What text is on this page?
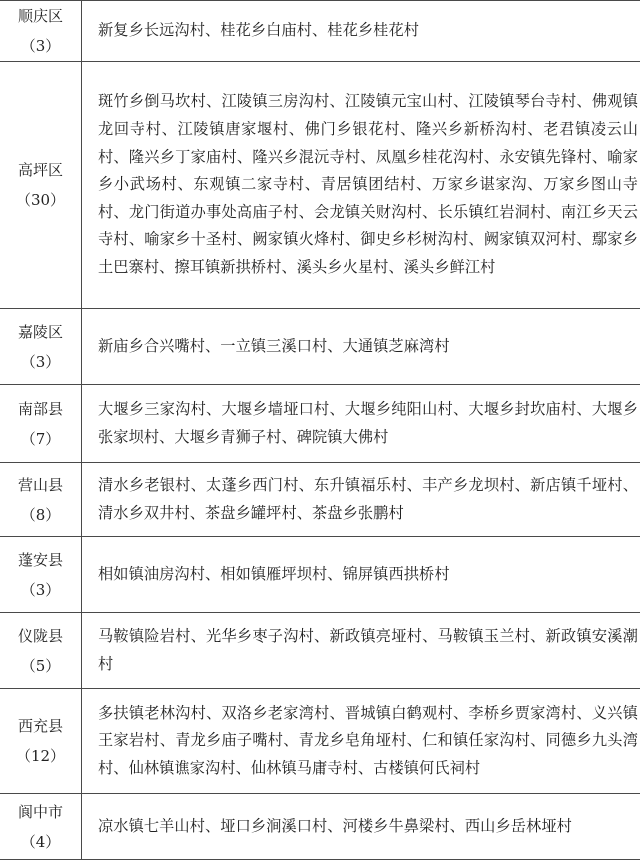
顺庆区
（3）	新复乡长远沟村、桂花乡白庙村、桂花乡桂花村

高坪区
（30）	斑竹乡倒马坎村、江陵镇三房沟村、江陵镇元宝山村、江陵镇琴台寺村、佛观镇龙回寺村、江陵镇唐家堰村、佛门乡银花村、隆兴乡新桥沟村、老君镇凌云山村、隆兴乡丁家庙村、隆兴乡混沅寺村、凤凰乡桂花沟村、永安镇先锋村、喻家乡小武场村、东观镇二家寺村、青居镇团结村、万家乡谌家沟、万家乡图山寺村、龙门街道办事处高庙子村、会龙镇关财沟村、长乐镇红岩洞村、南江乡天云寺村、喻家乡十圣村、阙家镇火烽村、御史乡杉树沟村、阙家镇双河村、鄢家乡土巴寨村、擦耳镇新拱桥村、溪头乡火星村、溪头乡鲜江村

嘉陵区
（3）	新庙乡合兴嘴村、一立镇三溪口村、大通镇芝麻湾村

南部县
（7）	大堰乡三家沟村、大堰乡墙垭口村、大堰乡纯阳山村、大堰乡封坎庙村、大堰乡张家坝村、大堰乡青狮子村、碑院镇大佛村

营山县
（8）	清水乡老银村、太蓬乡西门村、东升镇福乐村、丰产乡龙坝村、新店镇千垭村、清水乡双井村、茶盘乡罐坪村、茶盘乡张鹏村

蓬安县
（3）	相如镇油房沟村、相如镇雁坪坝村、锦屏镇西拱桥村

仪陇县
（5）	马鞍镇险岩村、光华乡枣子沟村、新政镇亮垭村、马鞍镇玉兰村、新政镇安溪潮村

西充县
（12）	多扶镇老林沟村、双洛乡老家湾村、晋城镇白鹤观村、李桥乡贾家湾村、义兴镇王家岩村、青龙乡庙子嘴村、青龙乡皂角垭村、仁和镇任家沟村、同德乡九头湾村、仙林镇谯家沟村、仙林镇马庸寺村、古楼镇何氏祠村

阆中市
（4）	凉水镇七羊山村、垭口乡涧溪口村、河楼乡牛鼻梁村、西山乡岳林垭村
